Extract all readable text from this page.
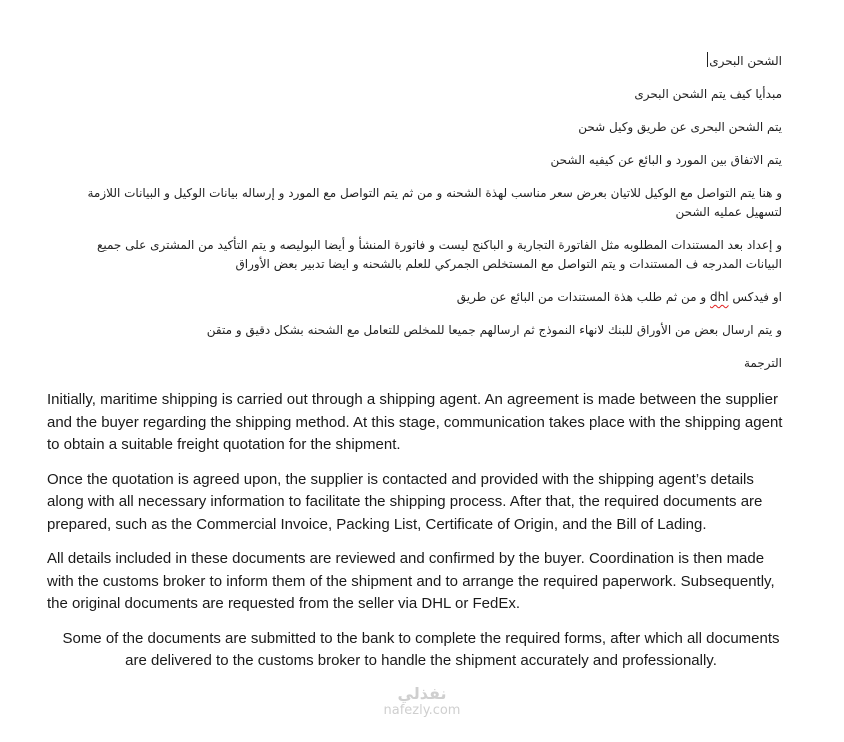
الشحن البحرى

مبدأيا كيف يتم الشحن البحرى

يتم الشحن البحرى عن طريق وكيل شحن

يتم الاتفاق بين المورد و البائع عن كيفيه الشحن

و هنا يتم التواصل مع الوكيل للاتيان بعرض سعر مناسب لهذة الشحنه و من ثم يتم التواصل مع المورد و إرساله بيانات الوكيل و البيانات اللازمة لتسهيل عمليه الشحن

و إعداد بعد المستندات المطلوبه مثل الفاتورة التجارية و الباكنج ليست و فاتورة المنشأ و أيضا البوليصه و يتم التأكيد من المشترى على جميع البيانات المدرجه ف المستندات و يتم التواصل مع المستخلص الجمركي للعلم بالشحنه و ايضا تدبير بعض الأوراق

او فيدكس dhl و من ثم طلب هذة المستندات من البائع عن طريق

و يتم ارسال بعض من الأوراق للبنك لانهاء النموذج ثم ارسالهم جميعا للمخلص للتعامل مع الشحنه بشكل دقيق و متقن

الترجمة

Initially, maritime shipping is carried out through a shipping agent. An agreement is made between the supplier and the buyer regarding the shipping method. At this stage, communication takes place with the shipping agent to obtain a suitable freight quotation for the shipment.

Once the quotation is agreed upon, the supplier is contacted and provided with the shipping agent’s details along with all necessary information to facilitate the shipping process. After that, the required documents are prepared, such as the Commercial Invoice, Packing List, Certificate of Origin, and the Bill of Lading.

All details included in these documents are reviewed and confirmed by the buyer. Coordination is then made with the customs broker to inform them of the shipment and to arrange the required paperwork. Subsequently, the original documents are requested from the seller via DHL or FedEx.

Some of the documents are submitted to the bank to complete the required forms, after which all documents are delivered to the customs broker to handle the shipment accurately and professionally.

نفذلي
nafezly.com
